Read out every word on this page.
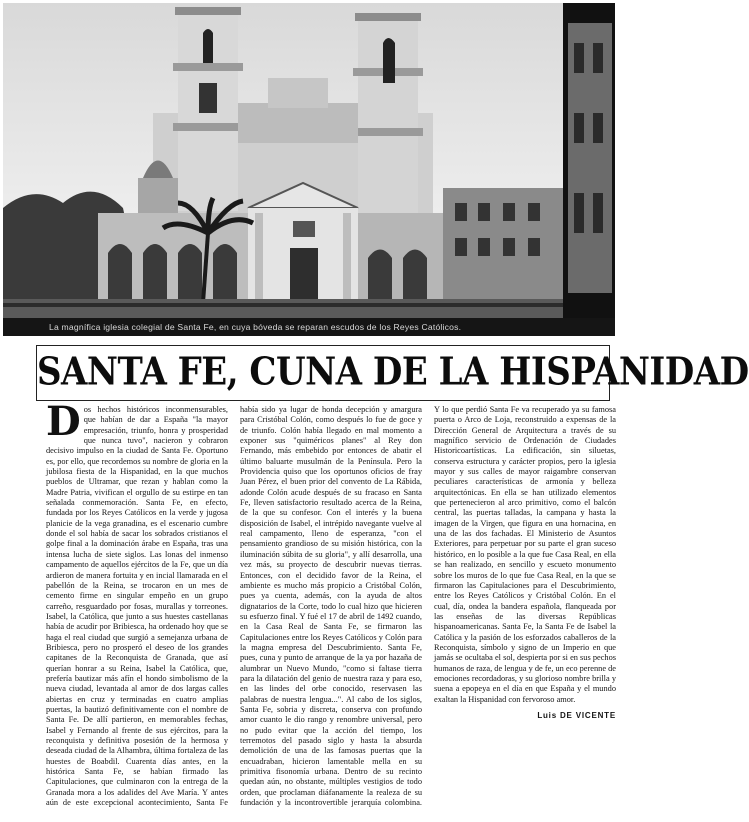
La magnífica iglesia colegial de Santa Fe, en cuya bóveda se reparan escudos de los Reyes Católicos.
SANTA FE, CUNA DE LA HISPANIDAD

Dos hechos históricos inconmensurables, que habían de dar a España "la mayor empresación, triunfo, honra y prosperidad que nunca tuvo", nacieron y cobraron decisivo impulso en la ciudad de Santa Fe. Oportuno es, por ello, que recordemos su nombre de gloria en la jubilosa fiesta de la Hispanidad, en la que muchos pueblos de Ultramar, que rezan y hablan como la Madre Patria, vivifican el orgullo de su estirpe en tan señalada conmemoración. Santa Fe, en efecto, fundada por los Reyes Católicos en la verde y jugosa planicie de la vega granadina, es el escenario cumbre donde el sol había de sacar los sobrados cristianos el golpe final a la dominación árabe en España, tras una intensa lucha de siete siglos. Las lonas del inmenso campamento de aquellos ejércitos de la Fe, que un día ardieron de manera fortuita y en incial llamarada en el pabellón de la Reina, se trocaron en un mes de cemento firme en singular empeño en un grupo carreño, resguardado por fosas, murallas y torreones. Isabel, la Católica, que junto a sus huestes castellanas había de acudir por Bribiesca, ha ordenado hoy que se haga el real ciudad que surgió a semejanza urbana de Bribiesca, pero no prosperó el deseo de los grandes capitanes de la Reconquista de Granada, que así querían honrar a su Reina, Isabel la Católica, que, prefería bautizar más afín el hondo simbolismo de la nueva ciudad, levantada al amor de dos largas calles abiertas en cruz y terminadas en cuatro amplias puertas, la bautizó definitivamente con el nombre de Santa Fe. De allí partieron, en memorables fechas, Isabel y Fernando al frente de sus ejércitos, para la reconquista y definitiva posesión de la hermosa y deseada ciudad de la Alhambra, última fortaleza de las huestes de Boabdil. Cuarenta días antes, en la histórica Santa Fe, se habían firmado las Capitulaciones, que culminaron con la entrega de la Granada mora a los adalides del Ave María. Y antes aún de este excepcional acontecimiento, Santa Fe había sido ya lugar de honda decepción y amargura para Cristóbal Colón, como después lo fue de goce y de triunfo. Colón había llegado en mal momento a exponer sus "quiméricos planes" al Rey don Fernando, más embebido por entonces de abatir el último baluarte musulmán de la Península. Pero la Providencia quiso que los oportunos oficios de fray Juan Pérez, el buen prior del convento de La Rábida, adonde Colón acude después de su fracaso en Santa Fe, lleven satisfactorio resultado acerca de la Reina, de la que su confesor. Con el interés y la buena disposición de Isabel, el intrépido navegante vuelve al real campamento, lleno de esperanza, "con el pensamiento grandioso de su misión histórica, con la iluminación súbita de su gloria", y allí desarrolla, una vez más, su proyecto de descubrir nuevas tierras. Entonces, con el decidido favor de la Reina, el ambiente es mucho más propicio a Cristóbal Colón, pues ya cuenta, además, con la ayuda de altos dignatarios de la Corte, todo lo cual hizo que hicieren su esfuerzo final. Y fué el 17 de abril de 1492 cuando, en la Casa Real de Santa Fe, se firmaron las Capitulaciones entre los Reyes Católicos y Colón para la magna empresa del Descubrimiento. Santa Fe, pues, cuna y punto de arranque de la ya por hazaña de alumbrar un Nuevo Mundo, "como si faltase tierra para la dilatación del genio de nuestra raza y para eso, en las lindes del orbe conocido, reservasen las palabras de nuestra lengua...". Al cabo de los siglos, Santa Fe, sobria y discreta, conserva con profundo amor cuanto le dio rango y renombre universal, pero no pudo evitar que la acción del tiempo, los terremotos del pasado siglo y hasta la absurda demolición de una de las famosas puertas que la encuadraban, hicieron lamentable mella en su primitiva fisonomía urbana. Dentro de su recinto quedan aún, no obstante, múltiples vestigios de todo orden, que proclaman diáfanamente la realeza de su fundación y la incontrovertible jerarquía colombina. Y lo que perdió Santa Fe va recuperado ya su famosa puerta o Arco de Loja, reconstruido a expensas de la Dirección General de Arquitectura a través de su magnífico servicio de Ordenación de Ciudades Historicoartísticas. La edificación, sin siluetas, conserva estructura y carácter propios, pero la iglesia mayor y sus calles de mayor raigambre conservan peculiares características de armonía y belleza arquitectónicas. En ella se han utilizado elementos que pertenecieron al arco primitivo, como el balcón central, las puertas talladas, la campana y hasta la imagen de la Virgen, que figura en una hornacina, en una de las dos fachadas. El Ministerio de Asuntos Exteriores, para perpetuar por su parte el gran suceso histórico, en lo posible a la que fue Casa Real, en ella se han realizado, en sencillo y escueto monumento sobre los muros de lo que fue Casa Real, en la que se firmaron las Capitulaciones para el Descubrimiento, entre los Reyes Católicos y Cristóbal Colón. En el cual, día, ondea la bandera española, flanqueada por las enseñas de las diversas Repúblicas hispanoamericanas. Santa Fe, la Santa Fe de Isabel la Católica y la pasión de los esforzados caballeros de la Reconquista, símbolo y signo de un Imperio en que jamás se ocultaba el sol, despierta por si en sus pechos humanos de raza, de lengua y de fe, un eco perenne de emociones recordadoras, y su glorioso nombre brilla y suena a epopeya en el día en que España y el mundo exaltan la Hispanidad con fervoroso amor.

Luis DE VICENTE
